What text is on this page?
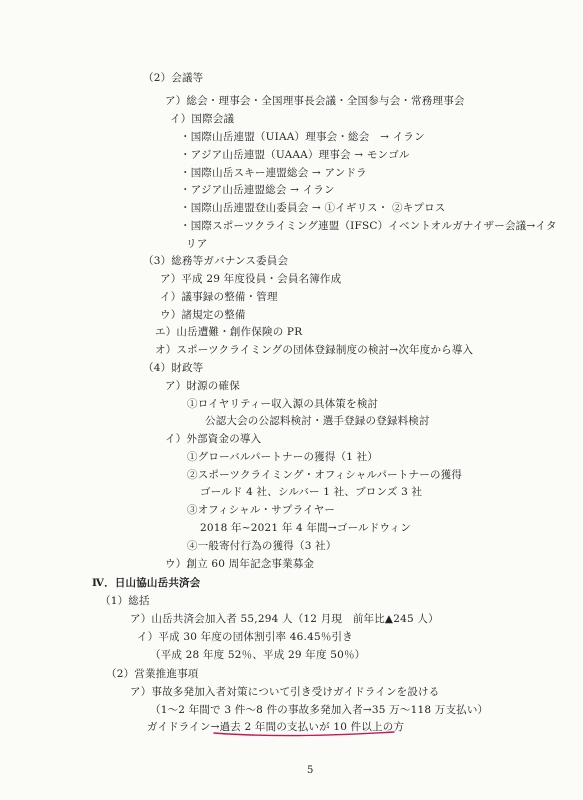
（2）会議等
ア）総会・理事会・全国理事長会議・全国参与会・常務理事会
イ）国際会議
・国際山岳連盟（UIAA）理事会・総会　→ イラン
・アジア山岳連盟（UAAA）理事会 → モンゴル
・国際山岳スキー連盟総会 → アンドラ
・アジア山岳連盟総会 → イラン
・国際山岳連盟登山委員会 → ①イギリス・ ②キプロス
・国際スポーツクライミング連盟（IFSC）イベントオルガナイザー会議→イタ
リア
（3）総務等ガバナンス委員会
ア）平成 29 年度役員・会員名簿作成
イ）議事録の整備・管理
ウ）諸規定の整備
エ）山岳遭難・創作保険の PR
オ）スポーツクライミングの団体登録制度の検討→次年度から導入
（4）財政等
ア）財源の確保
①ロイヤリティー収入源の具体策を検討
公認大会の公認料検討・選手登録の登録料検討
イ）外部資金の導入
①グローバルパートナーの獲得（1 社）
②スポーツクライミング・オフィシャルパートナーの獲得
ゴールド 4 社、シルバー 1 社、ブロンズ 3 社
③オフィシャル・サプライヤー
2018 年~2021 年 4 年間→ゴールドウィン
④一般寄付行為の獲得（3 社）
ウ）創立 60 周年記念事業募金
Ⅳ．日山協山岳共済会
（1）総括
ア）山岳共済会加入者 55,294 人（12 月現　前年比▲245 人）
イ）平成 30 年度の団体割引率 46.45％引き
（平成 28 年度 52％、平成 29 年度 50％）
（2）営業推進事項
ア）事故多発加入者対策について引き受けガイドラインを設ける
（1～2 年間で 3 件～8 件の事故多発加入者→35 万～118 万支払い）
ガイドライン→過去 2 年間の支払いが 10 件以上の方
5
